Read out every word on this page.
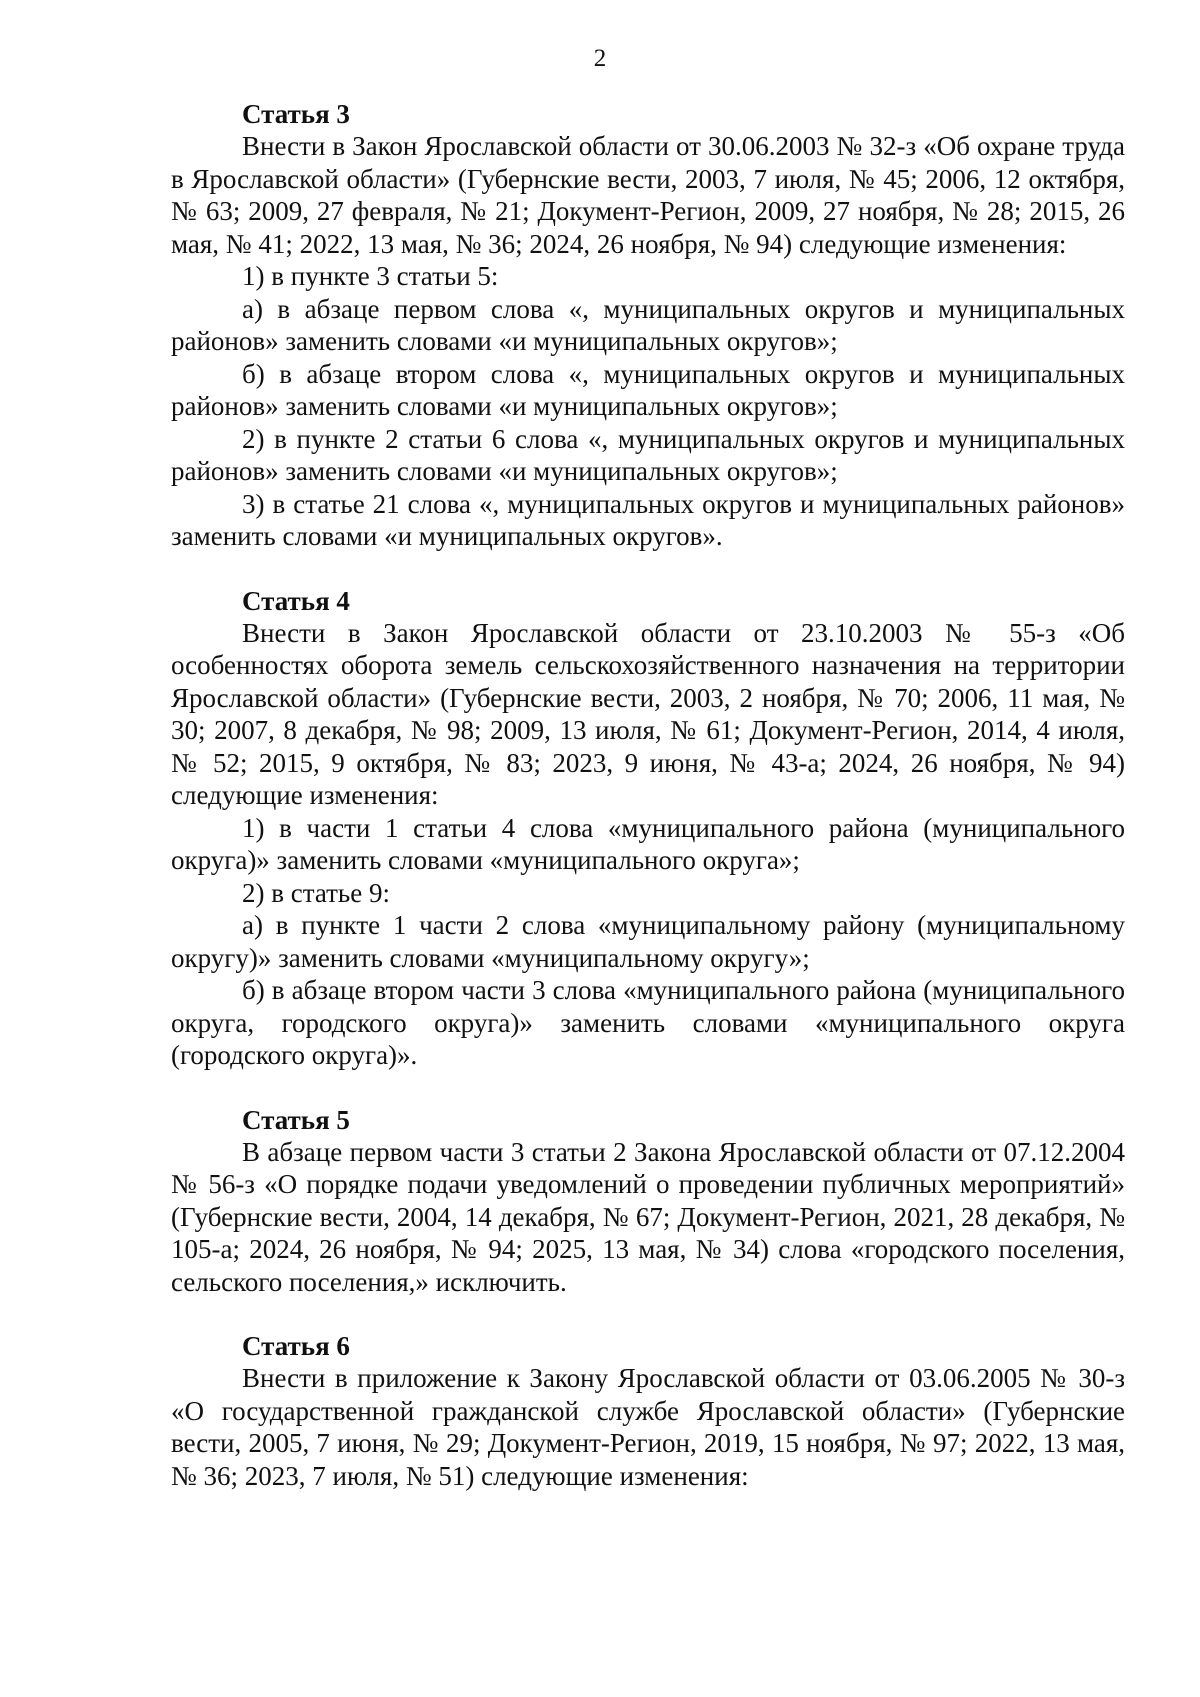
2
Статья 3

Внести в Закон Ярославской области от 30.06.2003 № 32-з «Об охране труда в Ярославской области» (Губернские вести, 2003, 7 июля, № 45; 2006, 12 октября, № 63; 2009, 27 февраля, № 21; Документ-Регион, 2009, 27 ноября, № 28; 2015, 26 мая, № 41; 2022, 13 мая, № 36; 2024, 26 ноября, № 94) следующие изменения:

1) в пункте 3 статьи 5:

а) в абзаце первом слова «, муниципальных округов и муниципальных районов» заменить словами «и муниципальных округов»;

б) в абзаце втором слова «, муниципальных округов и муниципальных районов» заменить словами «и муниципальных округов»;

2) в пункте 2 статьи 6 слова «, муниципальных округов и муниципальных районов» заменить словами «и муниципальных округов»;

3) в статье 21 слова «, муниципальных округов и муниципальных районов» заменить словами «и муниципальных округов».

Статья 4

Внести в Закон Ярославской области от 23.10.2003 № 55-з «Об особенностях оборота земель сельскохозяйственного назначения на территории Ярославской области» (Губернские вести, 2003, 2 ноября, № 70; 2006, 11 мая, № 30; 2007, 8 декабря, № 98; 2009, 13 июля, № 61; Документ-Регион, 2014, 4 июля, № 52; 2015, 9 октября, № 83; 2023, 9 июня, № 43-а; 2024, 26 ноября, № 94) следующие изменения:

1) в части 1 статьи 4 слова «муниципального района (муниципального округа)» заменить словами «муниципального округа»;

2) в статье 9:

а) в пункте 1 части 2 слова «муниципальному району (муниципальному округу)» заменить словами «муниципальному округу»;

б) в абзаце втором части 3 слова «муниципального района (муниципального округа, городского округа)» заменить словами «муниципального округа (городского округа)».

Статья 5

В абзаце первом части 3 статьи 2 Закона Ярославской области от 07.12.2004 № 56-з «О порядке подачи уведомлений о проведении публичных мероприятий» (Губернские вести, 2004, 14 декабря, № 67; Документ-Регион, 2021, 28 декабря, № 105-а; 2024, 26 ноября, № 94; 2025, 13 мая, № 34) слова «городского поселения, сельского поселения,» исключить.

Статья 6

Внести в приложение к Закону Ярославской области от 03.06.2005 № 30-з «О государственной гражданской службе Ярославской области» (Губернские вести, 2005, 7 июня, № 29; Документ-Регион, 2019, 15 ноября, № 97; 2022, 13 мая, № 36; 2023, 7 июля, № 51) следующие изменения:
